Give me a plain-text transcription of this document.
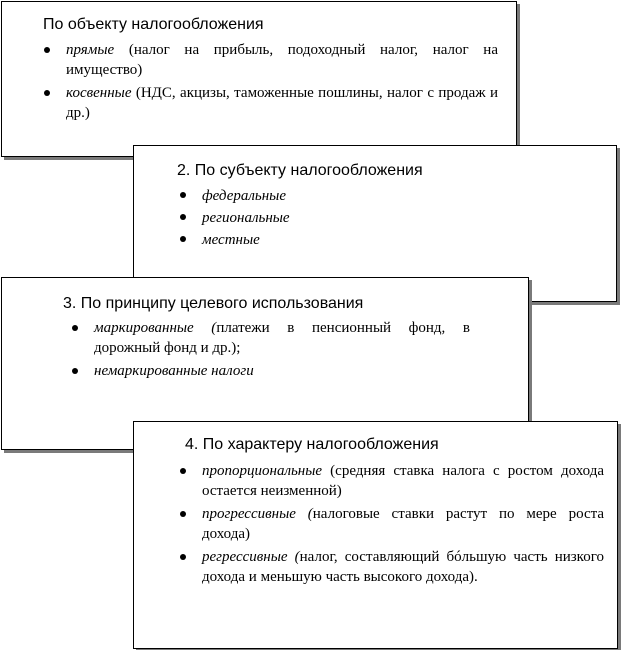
По объекту налогообложения
прямые (налог на прибыль, подоходный налог, налог на имущество)
косвенные (НДС, акцизы, таможенные пошлины, налог с продаж и др.)
2. По субъекту налогообложения
федеральные
региональные
местные
3. По принципу целевого использования
маркированные (платежи в пенсионный фонд, в дорожный фонд и др.);
немаркированные налоги
4. По характеру налогообложения
пропорциональные (средняя ставка налога с ростом дохода остается неизменной)
прогрессивные (налоговые ставки растут по мере роста дохода)
регрессивные (налог, составляющий бóльшую часть низкого дохода и меньшую часть высокого дохода).
